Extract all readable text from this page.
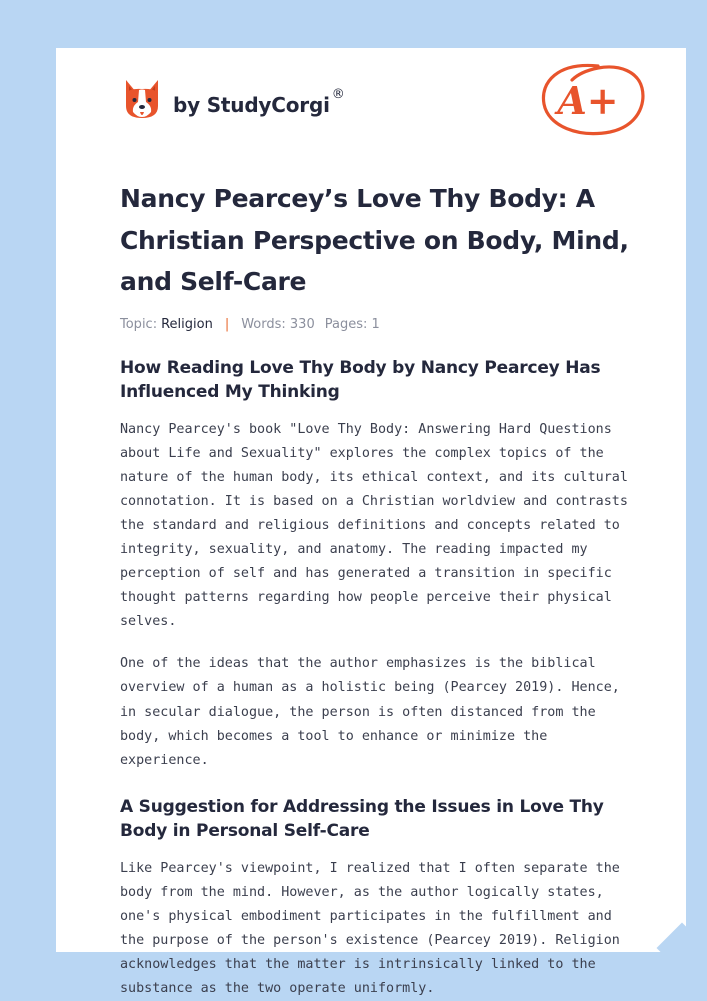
by StudyCorgi ®	A+
Nancy Pearcey’s Love Thy Body: A Christian Perspective on Body, Mind, and Self-Care
Topic: Religion | Words: 330 Pages: 1
How Reading Love Thy Body by Nancy Pearcey Has Influenced My Thinking

Nancy Pearcey's book "Love Thy Body: Answering Hard Questions about Life and Sexuality" explores the complex topics of the nature of the human body, its ethical context, and its cultural connotation. It is based on a Christian worldview and contrasts the standard and religious definitions and concepts related to integrity, sexuality, and anatomy. The reading impacted my perception of self and has generated a transition in specific thought patterns regarding how people perceive their physical selves.

One of the ideas that the author emphasizes is the biblical overview of a human as a holistic being (Pearcey 2019). Hence, in secular dialogue, the person is often distanced from the body, which becomes a tool to enhance or minimize the experience.

A Suggestion for Addressing the Issues in Love Thy Body in Personal Self-Care

Like Pearcey's viewpoint, I realized that I often separate the body from the mind. However, as the author logically states, one's physical embodiment participates in the fulfillment and the purpose of the person's existence (Pearcey 2019). Religion acknowledges that the matter is intrinsically linked to the substance as the two operate uniformly.
